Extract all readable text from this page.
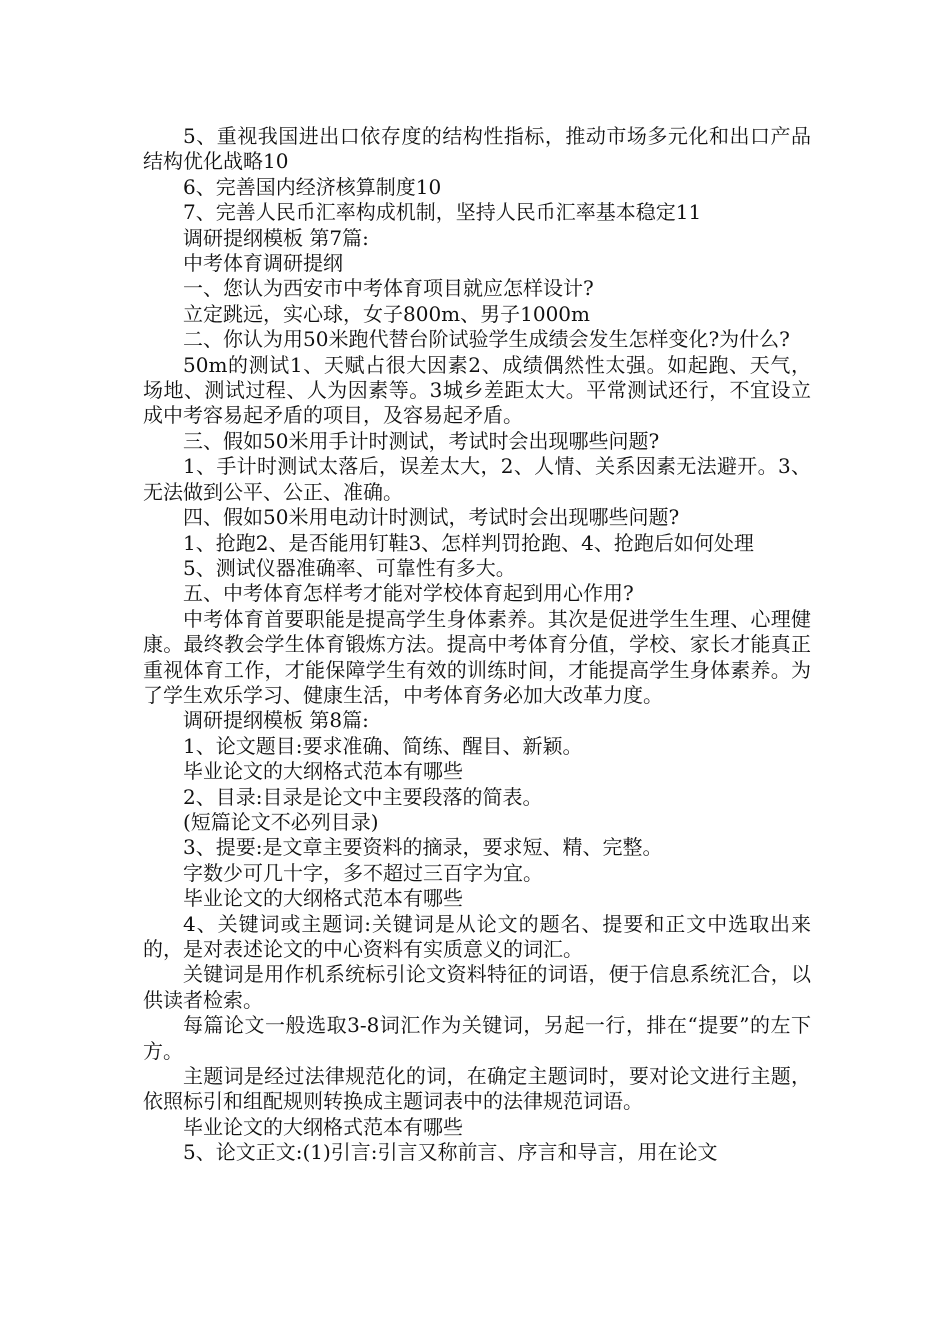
5、重视我国进出口依存度的结构性指标，推动市场多元化和出口产品结构优化战略10

6、完善国内经济核算制度10

7、完善人民币汇率构成机制，坚持人民币汇率基本稳定11

调研提纲模板 第7篇:

中考体育调研提纲

一、您认为西安市中考体育项目就应怎样设计?

立定跳远，实心球，女子800m、男子1000m

二、你认为用50米跑代替台阶试验学生成绩会发生怎样变化?为什么?

50m的测试1、天赋占很大因素2、成绩偶然性太强。如起跑、天气，场地、测试过程、人为因素等。3城乡差距太大。平常测试还行，不宜设立成中考容易起矛盾的项目，及容易起矛盾。

三、假如50米用手计时测试，考试时会出现哪些问题?

1、手计时测试太落后，误差太大，2、人情、关系因素无法避开。3、无法做到公平、公正、准确。

四、假如50米用电动计时测试，考试时会出现哪些问题?

1、抢跑2、是否能用钉鞋3、怎样判罚抢跑、4、抢跑后如何处理

5、测试仪器准确率、可靠性有多大。

五、中考体育怎样考才能对学校体育起到用心作用?

中考体育首要职能是提高学生身体素养。其次是促进学生生理、心理健康。最终教会学生体育锻炼方法。提高中考体育分值，学校、家长才能真正重视体育工作，才能保障学生有效的训练时间，才能提高学生身体素养。为了学生欢乐学习、健康生活，中考体育务必加大改革力度。

调研提纲模板 第8篇:

1、论文题目:要求准确、简练、醒目、新颖。

毕业论文的大纲格式范本有哪些

2、目录:目录是论文中主要段落的简表。

(短篇论文不必列目录)

3、提要:是文章主要资料的摘录，要求短、精、完整。

字数少可几十字，多不超过三百字为宜。

毕业论文的大纲格式范本有哪些

4、关键词或主题词:关键词是从论文的题名、提要和正文中选取出来的，是对表述论文的中心资料有实质意义的词汇。

关键词是用作机系统标引论文资料特征的词语，便于信息系统汇合，以供读者检索。

每篇论文一般选取3-8词汇作为关键词，另起一行，排在“提要”的左下方。

主题词是经过法律规范化的词，在确定主题词时，要对论文进行主题，依照标引和组配规则转换成主题词表中的法律规范词语。

毕业论文的大纲格式范本有哪些

5、论文正文:(1)引言:引言又称前言、序言和导言，用在论文
